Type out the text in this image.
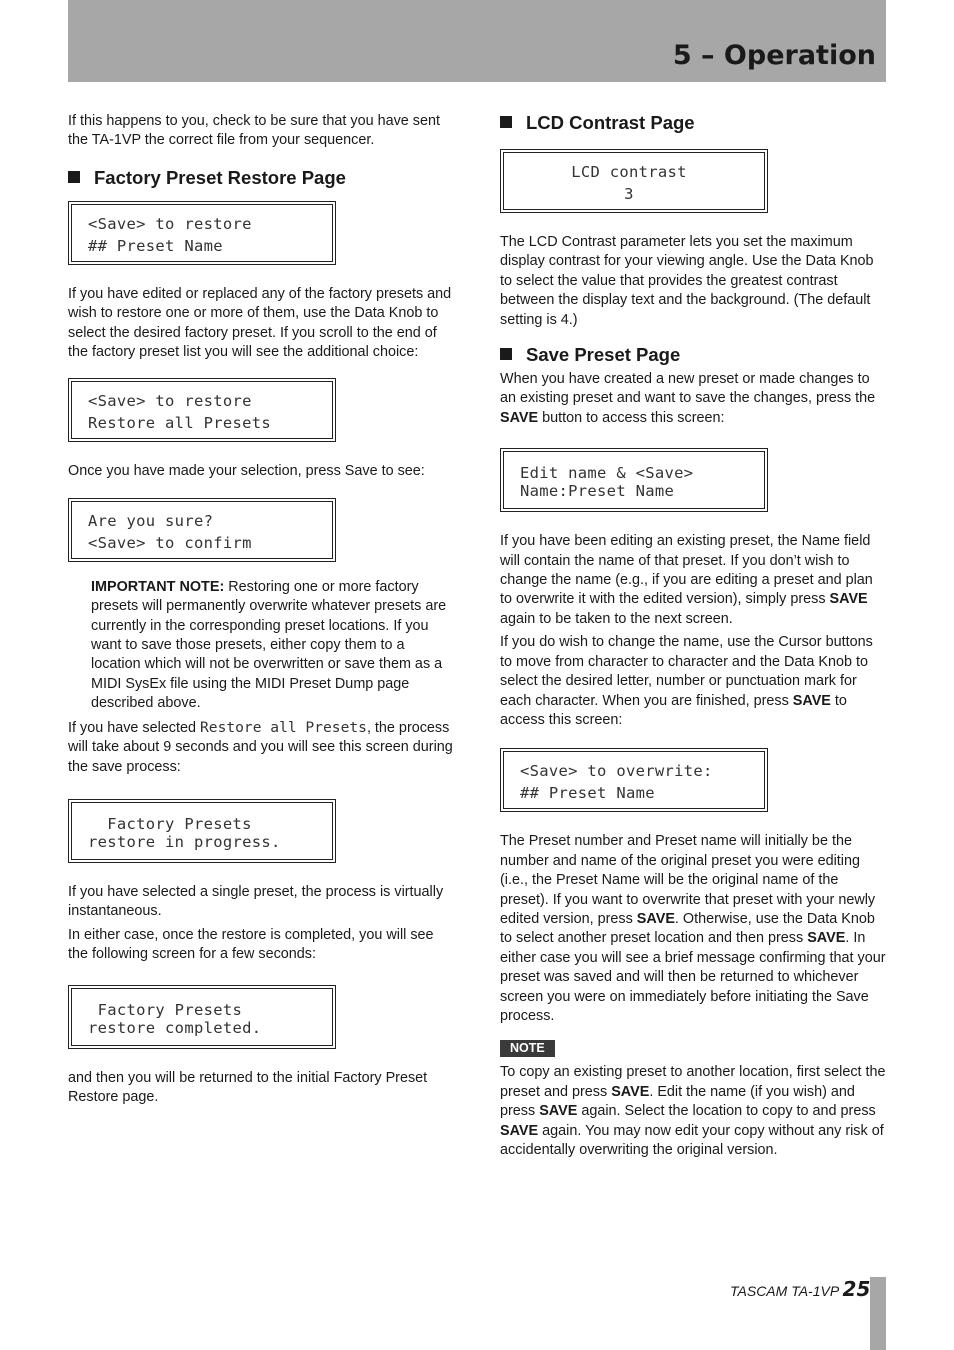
5 – Operation

If this happens to you, check to be sure that you have sent the TA-1VP the correct file from your sequencer.

Factory Preset Restore Page
<Save> to restore
## Preset Name

If you have edited or replaced any of the factory presets and wish to restore one or more of them, use the Data Knob to select the desired factory preset. If you scroll to the end of the factory preset list you will see the additional choice:

<Save> to restore
Restore all Presets

Once you have made your selection, press Save to see:

Are you sure?
<Save> to confirm

IMPORTANT NOTE: Restoring one or more factory presets will permanently overwrite whatever presets are currently in the corresponding preset locations. If you want to save those presets, either copy them to a location which will not be overwritten or save them as a MIDI SysEx file using the MIDI Preset Dump page described above.

If you have selected Restore all Presets, the process will take about 9 seconds and you will see this screen during the save process:

Factory Presets
restore in progress.

If you have selected a single preset, the process is virtually instantaneous.

In either case, once the restore is completed, you will see the following screen for a few seconds:

Factory Presets
restore completed.

and then you will be returned to the initial Factory Preset Restore page.

LCD Contrast Page
LCD contrast
3

The LCD Contrast parameter lets you set the maximum display contrast for your viewing angle. Use the Data Knob to select the value that provides the greatest contrast between the display text and the background. (The default setting is 4.)

Save Preset Page

When you have created a new preset or made changes to an existing preset and want to save the changes, press the SAVE button to access this screen:

Edit name & <Save>
Name:Preset Name

If you have been editing an existing preset, the Name field will contain the name of that preset. If you don’t wish to change the name (e.g., if you are editing a preset and plan to overwrite it with the edited version), simply press SAVE again to be taken to the next screen.

If you do wish to change the name, use the Cursor buttons to move from character to character and the Data Knob to select the desired letter, number or punctuation mark for each character. When you are finished, press SAVE to access this screen:

<Save> to overwrite:
## Preset Name

The Preset number and Preset name will initially be the number and name of the original preset you were editing (i.e., the Preset Name will be the original name of the preset). If you want to overwrite that preset with your newly edited version, press SAVE. Otherwise, use the Data Knob to select another preset location and then press SAVE. In either case you will see a brief message confirming that your preset was saved and will then be returned to whichever screen you were on immediately before initiating the Save process.

NOTE

To copy an existing preset to another location, first select the preset and press SAVE. Edit the name (if you wish) and press SAVE again. Select the location to copy to and press SAVE again. You may now edit your copy without any risk of accidentally overwriting the original version.

TASCAM TA-1VP 25
